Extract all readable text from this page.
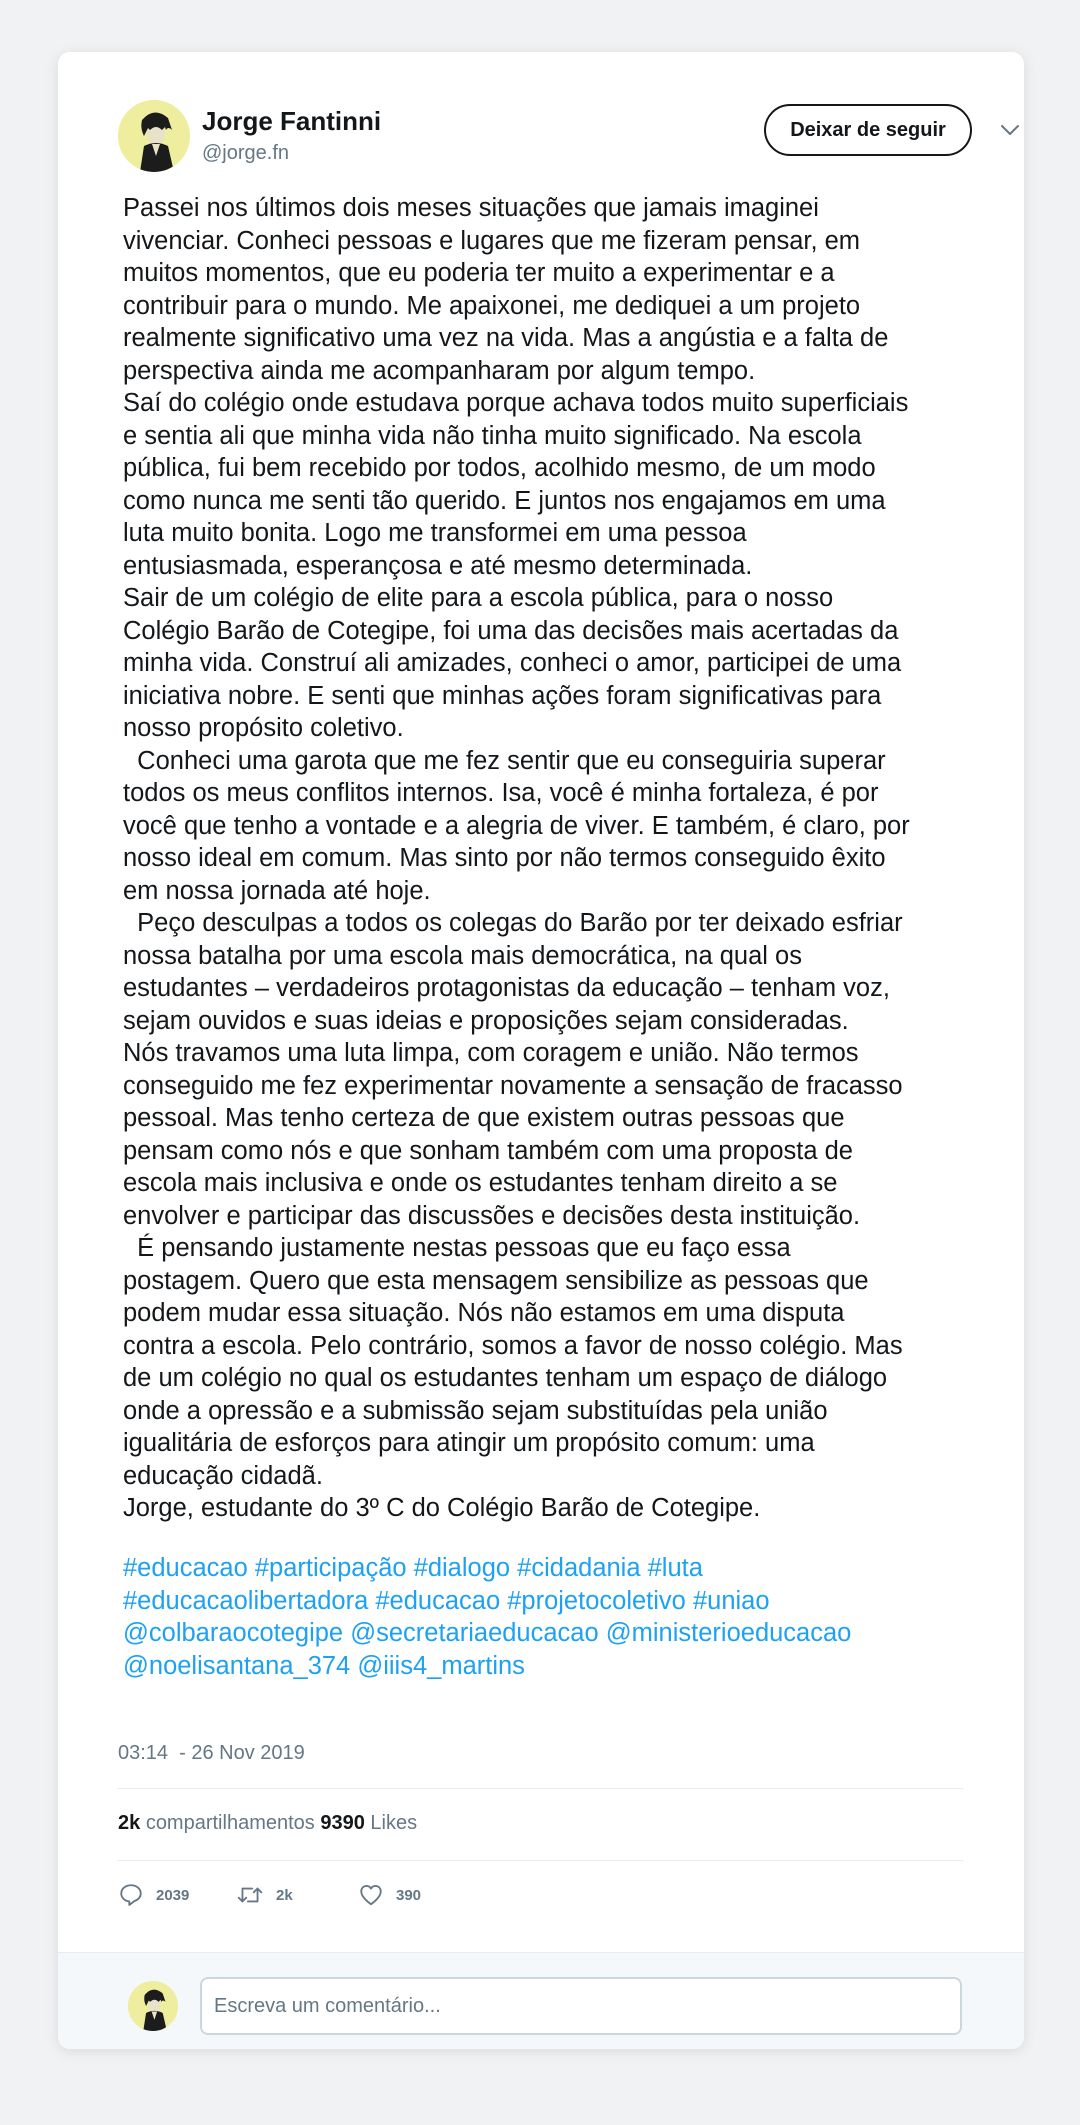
Jorge Fantinni
@jorge.fn
Deixar de seguir

Passei nos últimos dois meses situações que jamais imaginei
vivenciar. Conheci pessoas e lugares que me fizeram pensar, em
muitos momentos, que eu poderia ter muito a experimentar e a
contribuir para o mundo. Me apaixonei, me dediquei a um projeto
realmente significativo uma vez na vida. Mas a angústia e a falta de
perspectiva ainda me acompanharam por algum tempo.
Saí do colégio onde estudava porque achava todos muito superficiais
e sentia ali que minha vida não tinha muito significado. Na escola
pública, fui bem recebido por todos, acolhido mesmo, de um modo
como nunca me senti tão querido. E juntos nos engajamos em uma
luta muito bonita. Logo me transformei em uma pessoa
entusiasmada, esperançosa e até mesmo determinada.
Sair de um colégio de elite para a escola pública, para o nosso
Colégio Barão de Cotegipe, foi uma das decisões mais acertadas da
minha vida. Construí ali amizades, conheci o amor, participei de uma
iniciativa nobre. E senti que minhas ações foram significativas para
nosso propósito coletivo.
Conheci uma garota que me fez sentir que eu conseguiria superar
todos os meus conflitos internos. Isa, você é minha fortaleza, é por
você que tenho a vontade e a alegria de viver. E também, é claro, por
nosso ideal em comum. Mas sinto por não termos conseguido êxito
em nossa jornada até hoje.
Peço desculpas a todos os colegas do Barão por ter deixado esfriar
nossa batalha por uma escola mais democrática, na qual os
estudantes – verdadeiros protagonistas da educação – tenham voz,
sejam ouvidos e suas ideias e proposições sejam consideradas.
Nós travamos uma luta limpa, com coragem e união. Não termos
conseguido me fez experimentar novamente a sensação de fracasso
pessoal. Mas tenho certeza de que existem outras pessoas que
pensam como nós e que sonham também com uma proposta de
escola mais inclusiva e onde os estudantes tenham direito a se
envolver e participar das discussões e decisões desta instituição.
É pensando justamente nestas pessoas que eu faço essa
postagem. Quero que esta mensagem sensibilize as pessoas que
podem mudar essa situação. Nós não estamos em uma disputa
contra a escola. Pelo contrário, somos a favor de nosso colégio. Mas
de um colégio no qual os estudantes tenham um espaço de diálogo
onde a opressão e a submissão sejam substituídas pela união
igualitária de esforços para atingir um propósito comum: uma
educação cidadã.
Jorge, estudante do 3º C do Colégio Barão de Cotegipe.

#educacao #participação #dialogo #cidadania #luta
#educacaolibertadora #educacao #projetocoletivo #uniao
@colbaraocotegipe @secretariaeducacao @ministerioeducacao
@noelisantana_374 @iiis4_martins
03:14  - 26 Nov 2019
2k compartilhamentos 9390 Likes
2039	2k	390
Escreva um comentário...
